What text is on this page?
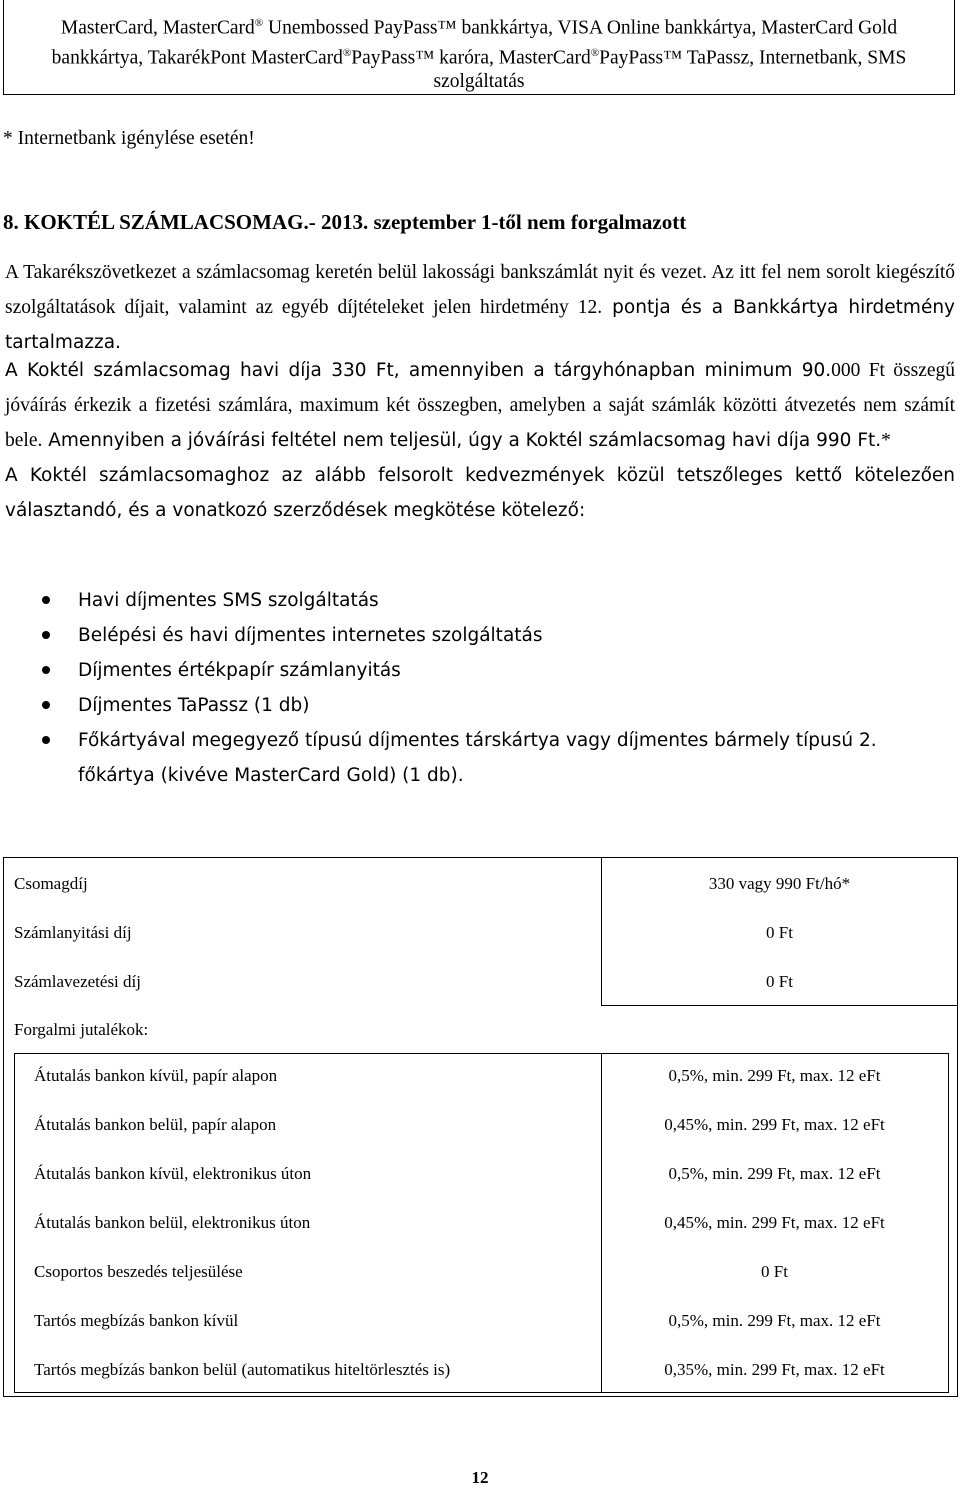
MasterCard, MasterCard® Unembossed PayPass™ bankkártya, VISA Online bankkártya, MasterCard Gold
bankkártya, TakarékPont MasterCard®PayPass™ karóra, MasterCard®PayPass™ TaPassz, Internetbank, SMS
szolgáltatás
* Internetbank igénylése esetén!
8. KOKTÉL SZÁMLACSOMAG.- 2013. szeptember 1-től nem forgalmazott
A Takarékszövetkezet a számlacsomag keretén belül lakossági bankszámlát nyit és vezet. Az itt fel nem sorolt kiegészítő szolgáltatások díjait, valamint az egyéb díjtételeket jelen hirdetmény 12. pontja és a Bankkártya hirdetmény tartalmazza.
A Koktél számlacsomag havi díja 330 Ft, amennyiben a tárgyhónapban minimum 90.000 Ft összegű jóváírás érkezik a fizetési számlára, maximum két összegben, amelyben a saját számlák közötti átvezetés nem számít bele. Amennyiben a jóváírási feltétel nem teljesül, úgy a Koktél számlacsomag havi díja 990 Ft.*
A Koktél számlacsomaghoz az alább felsorolt kedvezmények közül tetszőleges kettő kötelezően választandó, és a vonatkozó szerződések megkötése kötelező:
Havi díjmentes SMS szolgáltatás
Belépési és havi díjmentes internetes szolgáltatás
Díjmentes értékpapír számlanyitás
Díjmentes TaPassz (1 db)
Főkártyával megegyező típusú díjmentes társkártya vagy díjmentes bármely típusú 2. főkártya (kivéve MasterCard Gold) (1 db).
Csomagdíj	330 vagy 990 Ft/hó*
Számlanyitási díj	0 Ft
Számlavezetési díj	0 Ft
Forgalmi jutalékok:
Átutalás bankon kívül, papír alapon	0,5%, min. 299 Ft, max. 12 eFt
Átutalás bankon belül, papír alapon	0,45%, min. 299 Ft, max. 12 eFt
Átutalás bankon kívül, elektronikus úton	0,5%, min. 299 Ft, max. 12 eFt
Átutalás bankon belül, elektronikus úton	0,45%, min. 299 Ft, max. 12 eFt
Csoportos beszedés teljesülése	0 Ft
Tartós megbízás bankon kívül	0,5%, min. 299 Ft, max. 12 eFt
Tartós megbízás bankon belül (automatikus hiteltörlesztés is)	0,35%, min. 299 Ft, max. 12 eFt
12
